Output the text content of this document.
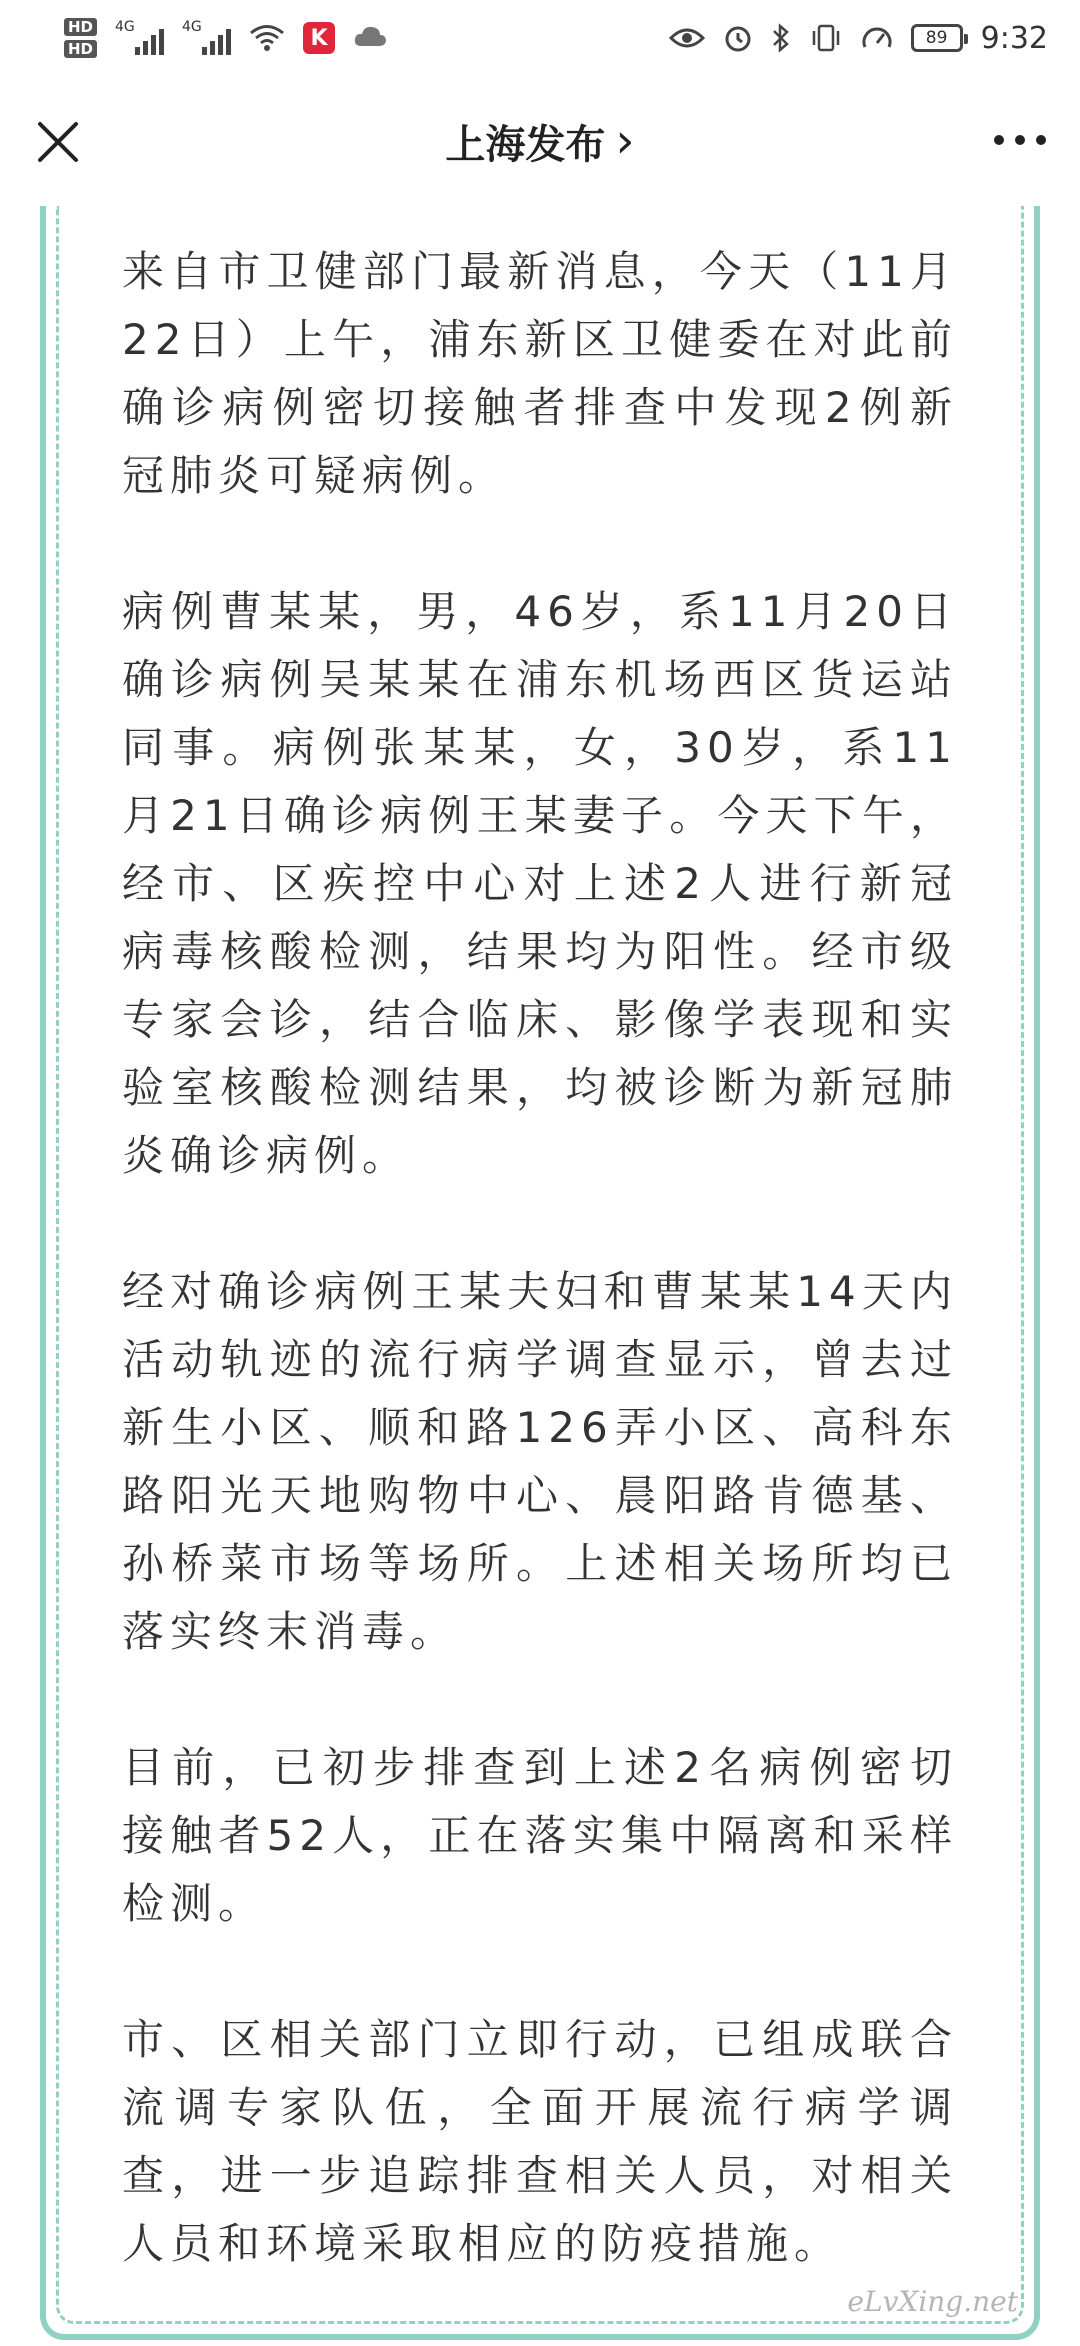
HD
HD
4G	4G	K	89	9:32
上海发布 ›
eLvXing.net

来自市卫健部门最新消息，今天（11月22日）上午，浦东新区卫健委在对此前确诊病例密切接触者排查中发现2例新冠肺炎可疑病例。

病例曹某某，男，46岁，系11月20日确诊病例吴某某在浦东机场西区货运站同事。病例张某某，女，30岁，系11月21日确诊病例王某妻子。今天下午，经市、区疾控中心对上述2人进行新冠病毒核酸检测，结果均为阳性。经市级专家会诊，结合临床、影像学表现和实验室核酸检测结果，均被诊断为新冠肺炎确诊病例。

经对确诊病例王某夫妇和曹某某14天内活动轨迹的流行病学调查显示，曾去过新生小区、顺和路126弄小区、高科东路阳光天地购物中心、晨阳路肯德基、孙桥菜市场等场所。上述相关场所均已落实终末消毒。

目前，已初步排查到上述2名病例密切接触者52人，正在落实集中隔离和采样检测。

市、区相关部门立即行动，已组成联合流调专家队伍，全面开展流行病学调查，进一步追踪排查相关人员，对相关人员和环境采取相应的防疫措施。
